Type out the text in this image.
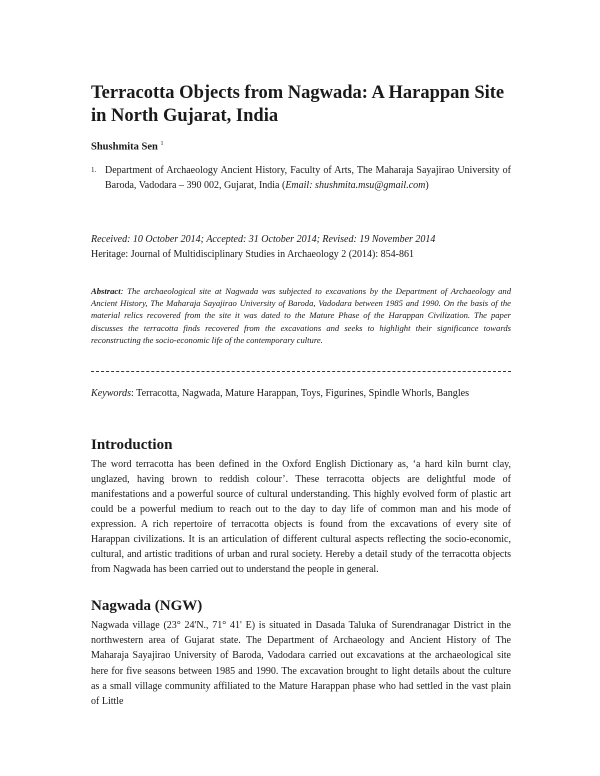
Terracotta Objects from Nagwada: A Harappan Site in North Gujarat, India
Shushmita Sen $^1$
1. Department of Archaeology Ancient History, Faculty of Arts, The Maharaja Sayajirao University of Baroda, Vadodara – 390 002, Gujarat, India (Email: shushmita.msu@gmail.com)
Received: 10 October 2014; Accepted: 31 October 2014; Revised: 19 November 2014
Heritage: Journal of Multidisciplinary Studies in Archaeology 2 (2014): 854-861
Abstract: The archaeological site at Nagwada was subjected to excavations by the Department of Archaeology and Ancient History, The Maharaja Sayajirao University of Baroda, Vadodara between 1985 and 1990. On the basis of the material relics recovered from the site it was dated to the Mature Phase of the Harappan Civilization. The paper discusses the terracotta finds recovered from the excavations and seeks to highlight their significance towards reconstructing the socio-economic life of the contemporary culture.
Keywords: Terracotta, Nagwada, Mature Harappan, Toys, Figurines, Spindle Whorls, Bangles
Introduction

The word terracotta has been defined in the Oxford English Dictionary as, ‘a hard kiln burnt clay, unglazed, having brown to reddish colour’. These terracotta objects are delightful mode of manifestations and a powerful source of cultural understanding. This highly evolved form of plastic art could be a powerful medium to reach out to the day to day life of common man and his mode of expression. A rich repertoire of terracotta objects is found from the excavations of every site of Harappan civilizations. It is an articulation of different cultural aspects reflecting the socio-economic, cultural, and artistic traditions of urban and rural society. Hereby a detail study of the terracotta objects from Nagwada has been carried out to understand the people in general.

Nagwada (NGW)

Nagwada village (23° 24'N., 71° 41' E) is situated in Dasada Taluka of Surendranagar District in the northwestern area of Gujarat state. The Department of Archaeology and Ancient History of The Maharaja Sayajirao University of Baroda, Vadodara carried out excavations at the archaeological site here for five seasons between 1985 and 1990. The excavation brought to light details about the culture as a small village community affiliated to the Mature Harappan phase who had settled in the vast plain of Little
